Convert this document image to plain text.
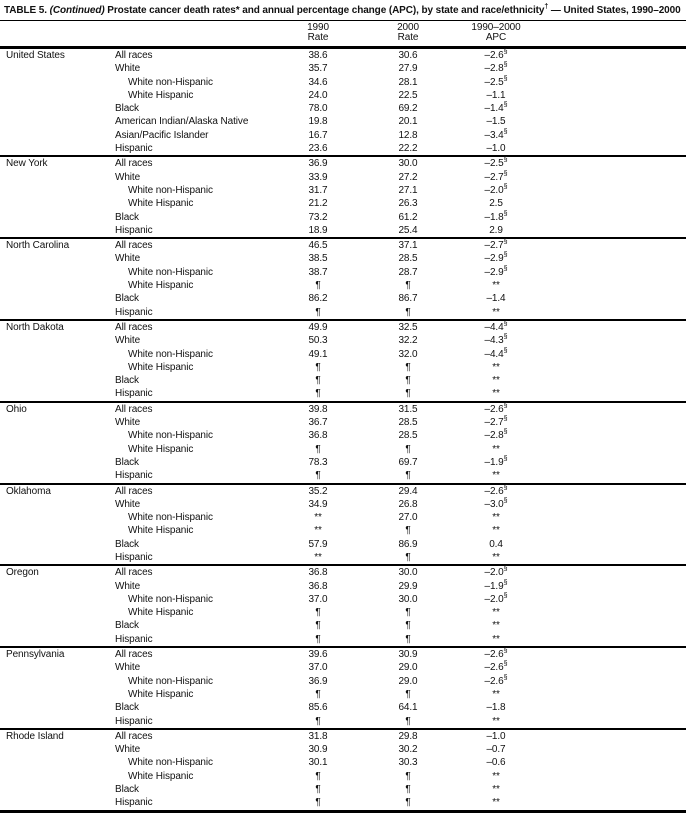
TABLE 5. (Continued) Prostate cancer death rates* and annual percentage change (APC), by state and race/ethnicity† — United States, 1990–2000
1990
Rate
2000
Rate
1990–2000
APC
United States	All races	38.6	30.6	–2.6§
White	35.7	27.9	–2.8§
White non-Hispanic	34.6	28.1	–2.5§
White Hispanic	24.0	22.5	–1.1
Black	78.0	69.2	–1.4§
American Indian/Alaska Native	19.8	20.1	–1.5
Asian/Pacific Islander	16.7	12.8	–3.4§
Hispanic	23.6	22.2	–1.0
New York	All races	36.9	30.0	–2.5§
White	33.9	27.2	–2.7§
White non-Hispanic	31.7	27.1	–2.0§
White Hispanic	21.2	26.3	2.5
Black	73.2	61.2	–1.8§
Hispanic	18.9	25.4	2.9
North Carolina	All races	46.5	37.1	–2.7§
White	38.5	28.5	–2.9§
White non-Hispanic	38.7	28.7	–2.9§
White Hispanic	¶	¶	**
Black	86.2	86.7	–1.4
Hispanic	¶	¶	**
North Dakota	All races	49.9	32.5	–4.4§
White	50.3	32.2	–4.3§
White non-Hispanic	49.1	32.0	–4.4§
White Hispanic	¶	¶	**
Black	¶	¶	**
Hispanic	¶	¶	**
Ohio	All races	39.8	31.5	–2.6§
White	36.7	28.5	–2.7§
White non-Hispanic	36.8	28.5	–2.8§
White Hispanic	¶	¶	**
Black	78.3	69.7	–1.9§
Hispanic	¶	¶	**
Oklahoma	All races	35.2	29.4	–2.6§
White	34.9	26.8	–3.0§
White non-Hispanic	**	27.0	**
White Hispanic	**	¶	**
Black	57.9	86.9	0.4
Hispanic	**	¶	**
Oregon	All races	36.8	30.0	–2.0§
White	36.8	29.9	–1.9§
White non-Hispanic	37.0	30.0	–2.0§
White Hispanic	¶	¶	**
Black	¶	¶	**
Hispanic	¶	¶	**
Pennsylvania	All races	39.6	30.9	–2.6§
White	37.0	29.0	–2.6§
White non-Hispanic	36.9	29.0	–2.6§
White Hispanic	¶	¶	**
Black	85.6	64.1	–1.8
Hispanic	¶	¶	**
Rhode Island	All races	31.8	29.8	–1.0
White	30.9	30.2	–0.7
White non-Hispanic	30.1	30.3	–0.6
White Hispanic	¶	¶	**
Black	¶	¶	**
Hispanic	¶	¶	**
